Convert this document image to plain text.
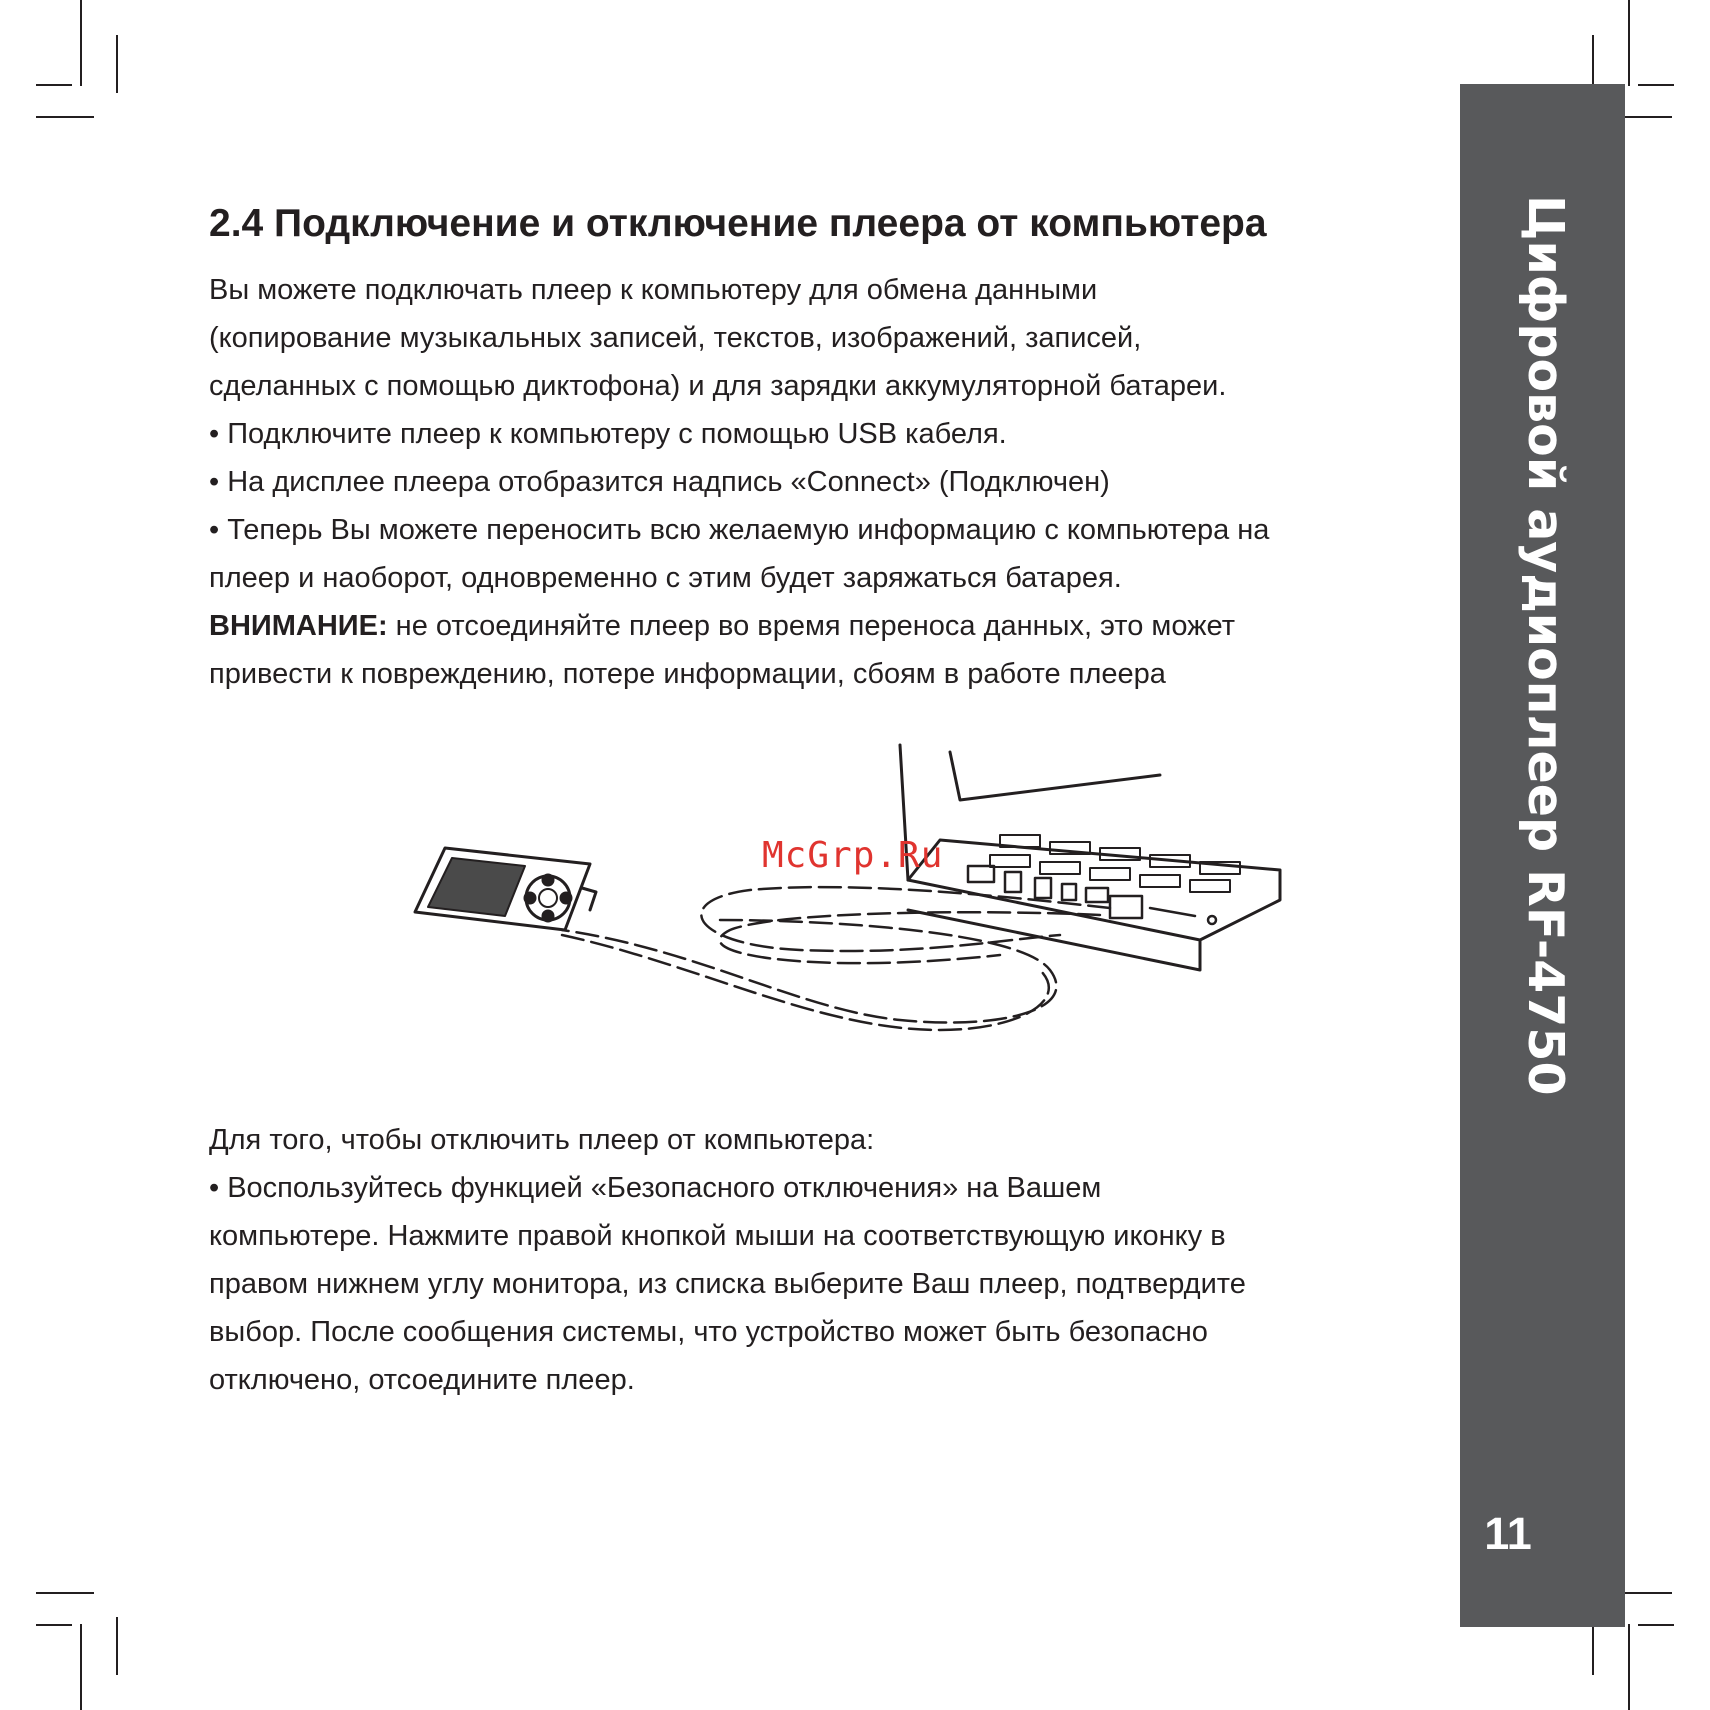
2.4 Подключение и отключение плеера от компьютера
Вы можете подключать плеер к компьютеру для обмена данными
(копирование музыкальных записей, текстов, изображений, записей,
сделанных с помощью диктофона) и для зарядки аккумуляторной батареи.
• Подключите плеер к компьютеру с помощью USB кабеля.
• На дисплее плеера отобразится надпись «Connect» (Подключен)
• Теперь Вы можете переносить всю желаемую информацию с компьютера на
плеер и наоборот, одновременно с этим будет заряжаться батарея.
ВНИМАНИЕ: не отсоединяйте плеер во время переноса данных, это может
привести к повреждению, потере информации, сбоям в работе плеера
McGrp.Ru
Для того, чтобы отключить плеер от компьютера:
• Воспользуйтесь функцией «Безопасного отключения» на Вашем
компьютере. Нажмите правой кнопкой мыши на соответствующую иконку в
правом нижнем углу монитора, из списка выберите Ваш плеер, подтвердите
выбор. После сообщения системы, что устройство может быть безопасно
отключено, отсоедините плеер.
Цифровой аудиоплеер RF-4750
11
